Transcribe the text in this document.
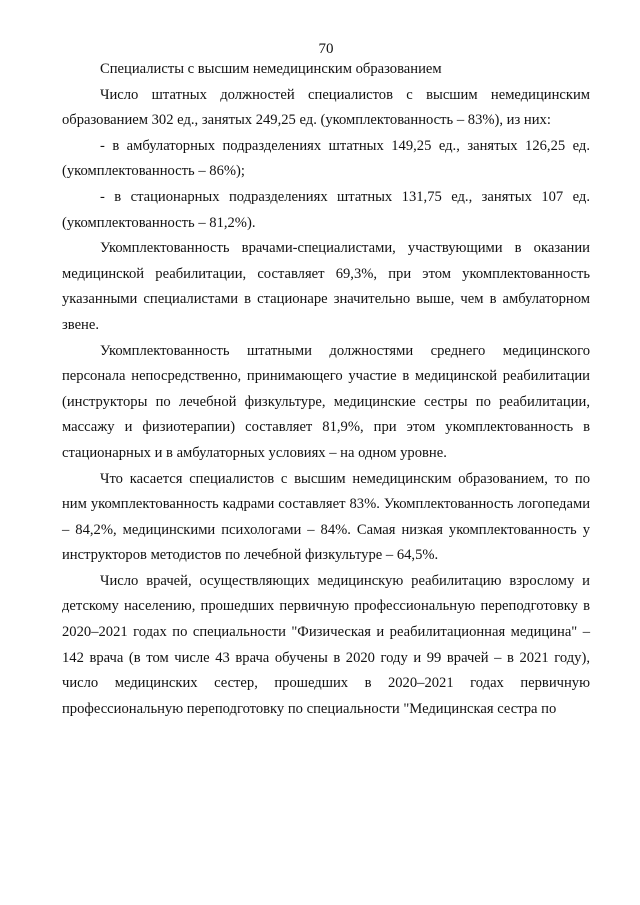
70

Специалисты с высшим немедицинским образованием

Число штатных должностей специалистов с высшим немедицинским образованием 302 ед., занятых 249,25 ед. (укомплектованность – 83%), из них:

- в амбулаторных подразделениях штатных 149,25 ед., занятых 126,25 ед. (укомплектованность – 86%);

- в стационарных подразделениях штатных 131,75 ед., занятых 107 ед. (укомплектованность – 81,2%).

Укомплектованность врачами-специалистами, участвующими в оказании медицинской реабилитации, составляет 69,3%, при этом укомплектованность указанными специалистами в стационаре значительно выше, чем в амбулаторном звене.

Укомплектованность штатными должностями среднего медицинского персонала непосредственно, принимающего участие в медицинской реабилитации (инструкторы по лечебной физкультуре, медицинские сестры по реабилитации, массажу и физиотерапии) составляет 81,9%, при этом укомплектованность в стационарных и в амбулаторных условиях – на одном уровне.

Что касается специалистов с высшим немедицинским образованием, то по ним укомплектованность кадрами составляет 83%. Укомплектованность логопедами – 84,2%, медицинскими психологами – 84%. Самая низкая укомплектованность у инструкторов методистов по лечебной физкультуре – 64,5%.

Число врачей, осуществляющих медицинскую реабилитацию взрослому и детскому населению, прошедших первичную профессиональную переподготовку в 2020–2021 годах по специальности "Физическая и реабилитационная медицина" – 142 врача (в том числе 43 врача обучены в 2020 году и 99 врачей – в 2021 году), число медицинских сестер, прошедших в 2020–2021 годах первичную профессиональную переподготовку по специальности "Медицинская сестра по
